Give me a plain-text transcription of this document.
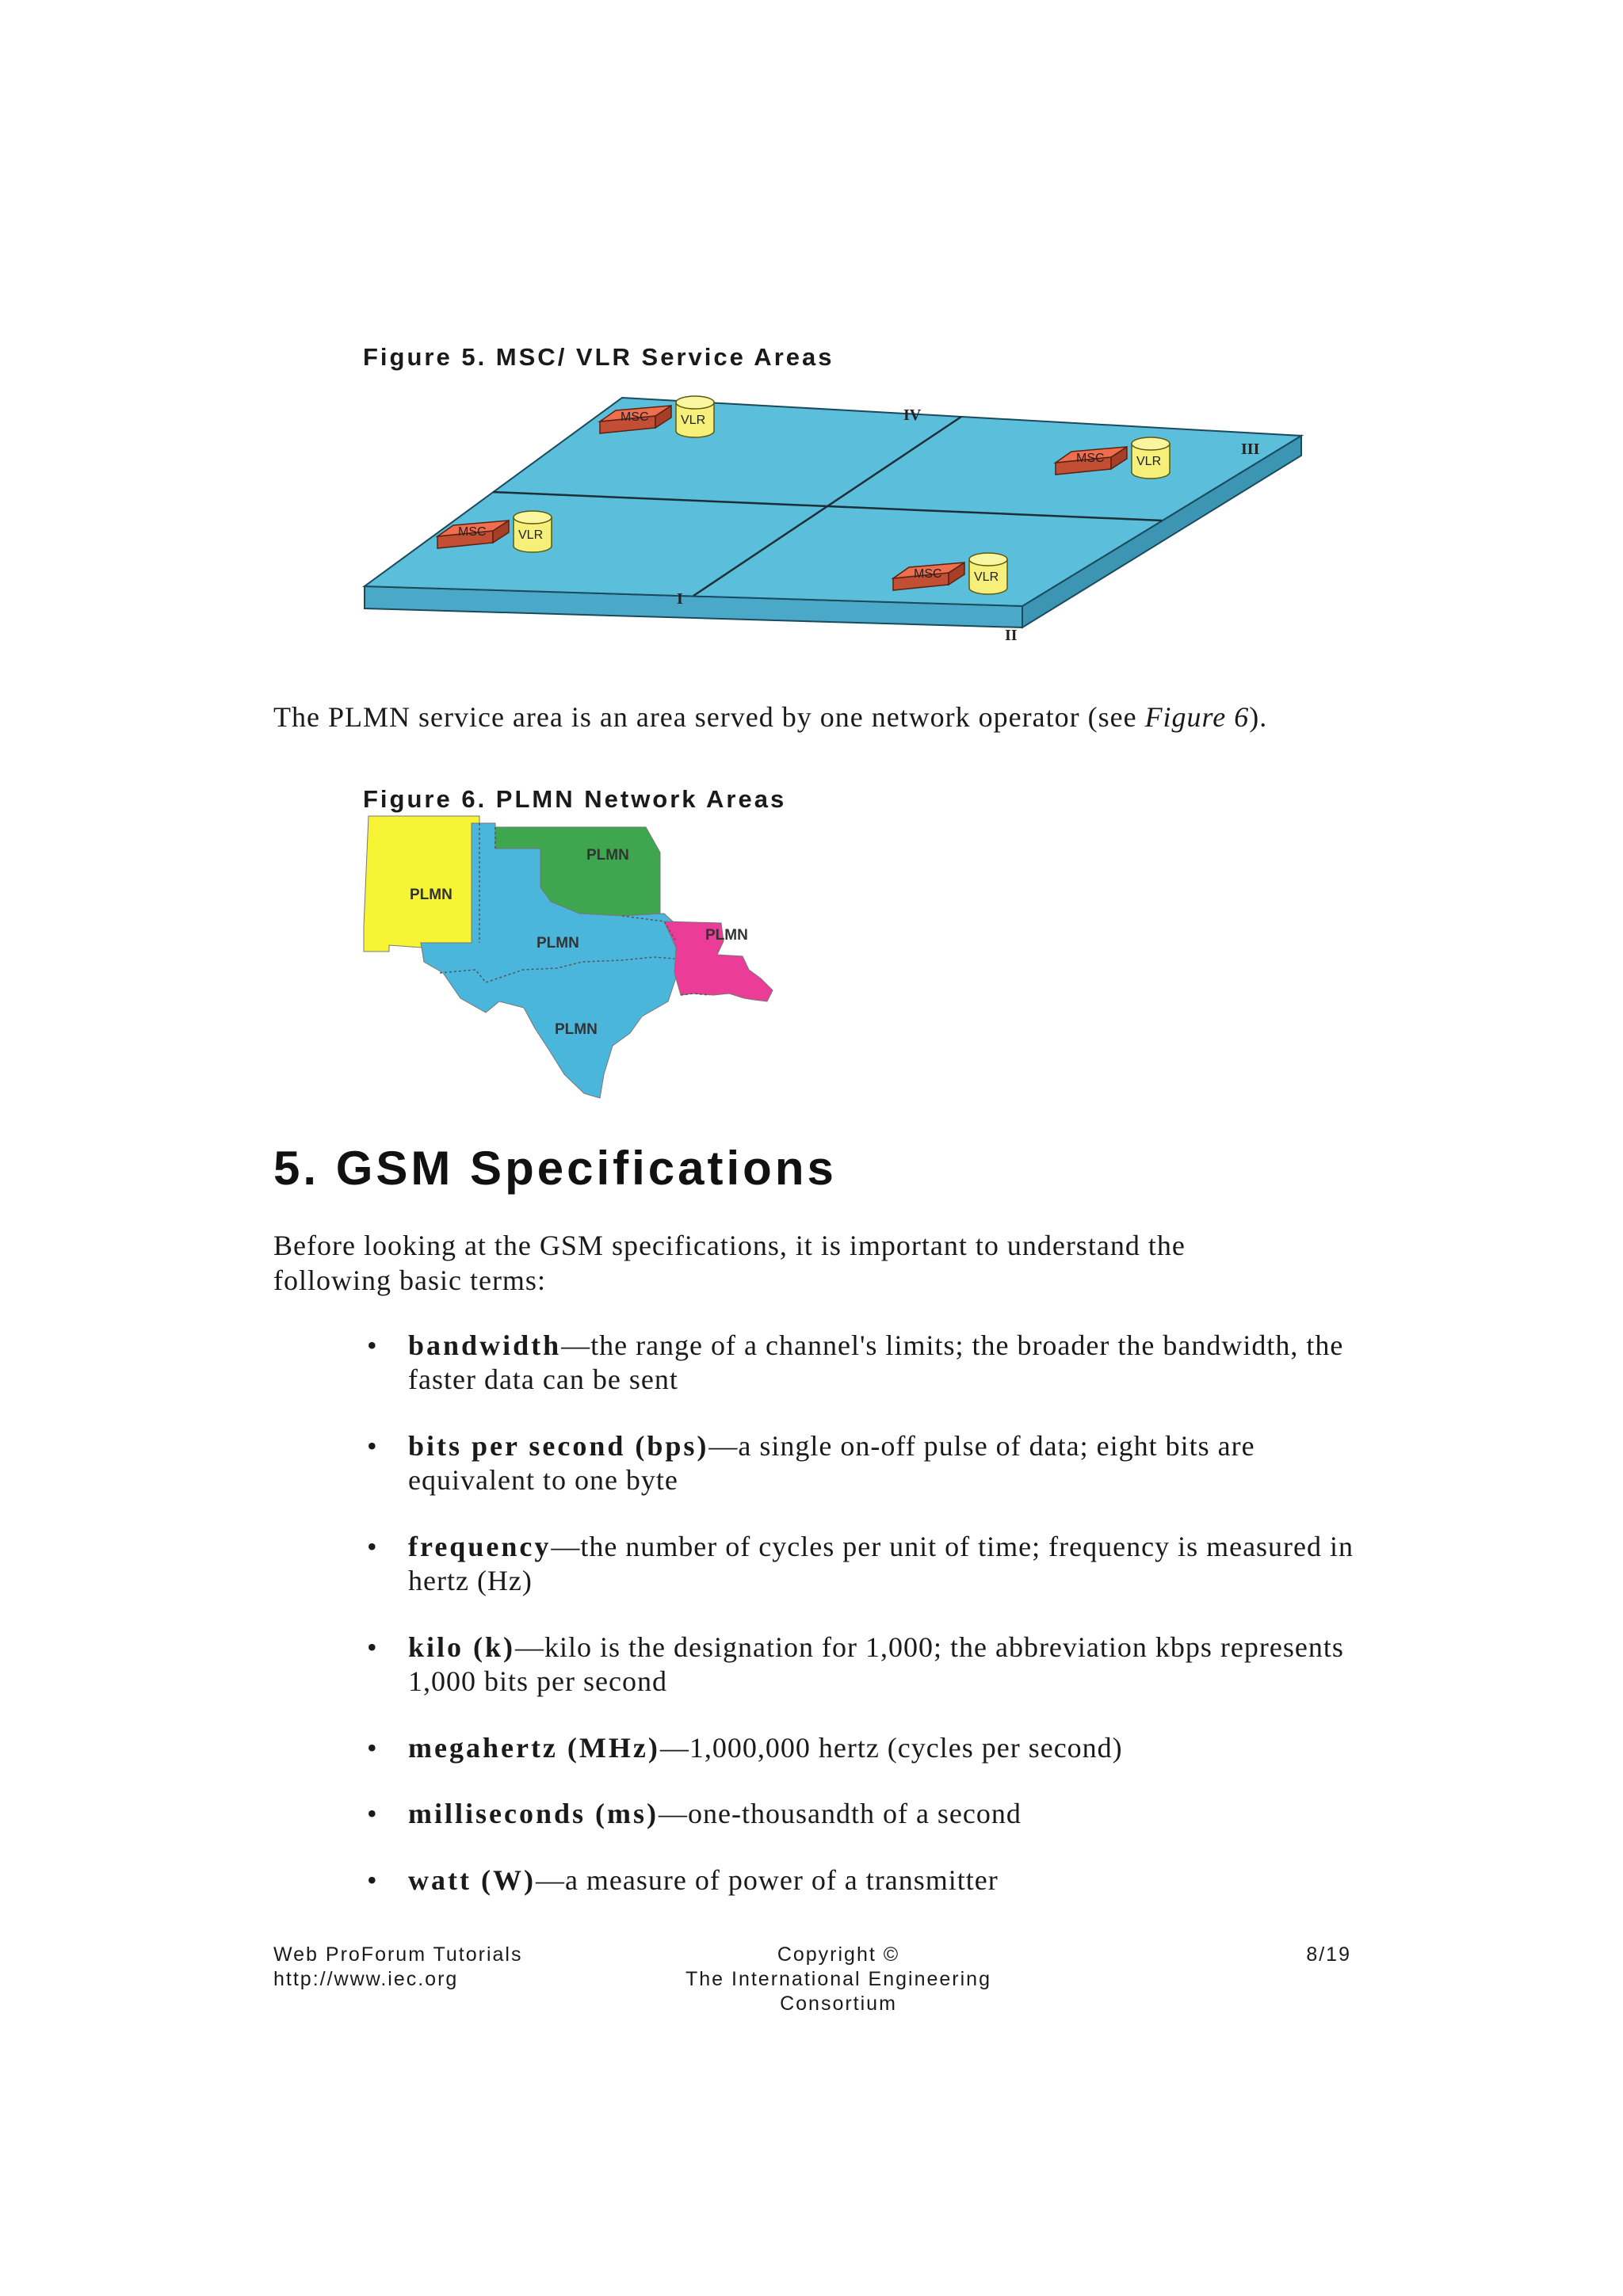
Figure 5. MSC/ VLR Service Areas
IV
III
I
II
MSC	VLR
MSC	VLR
MSC	VLR
MSC	VLR

The PLMN service area is an area served by one network operator (see Figure 6).

Figure 6. PLMN Network Areas
PLMN
PLMN
PLMN	PLMN
PLMN
5. GSM Specifications

Before looking at the GSM specifications, it is important to understand the following basic terms:

• bandwidth—the range of a channel's limits; the broader the bandwidth, the faster data can be sent
• bits per second (bps)—a single on-off pulse of data; eight bits are equivalent to one byte
• frequency—the number of cycles per unit of time; frequency is measured in hertz (Hz)
• kilo (k)—kilo is the designation for 1,000; the abbreviation kbps represents 1,000 bits per second
• megahertz (MHz)—1,000,000 hertz (cycles per second)
• milliseconds (ms)—one-thousandth of a second
• watt (W)—a measure of power of a transmitter
Web ProForum Tutorials
http://www.iec.org
Copyright ©
The International Engineering Consortium
8/19
